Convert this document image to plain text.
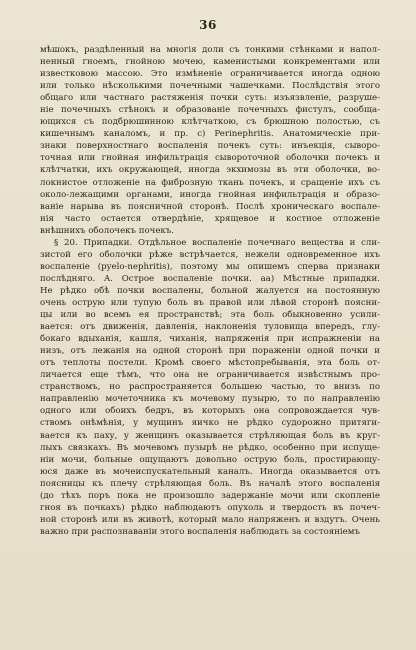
36
мѣшокъ, раздѣленный на многія доли съ тонкими стѣнками и напол-
ненный гноемъ, гнойною мочею, каменистыми конкрементами или
известковою массою. Это измѣненіе ограничивается иногда одною
или только нѣсколькими почечными чашечками. Послѣдствія этого
общаго или частнаго растяженія почки суть: изъязвленіе, разруше-
ніе почечныхъ стѣнокъ и образованіе почечныхъ фистулъ, сообща-
ющихся съ подбрюшинною клѣтчаткою, съ брюшною полостью, съ
кишечнымъ каналомъ, и пр. c) Perinephritis. Анатомическіе при-
знаки поверхностнаго воспаленія почекъ суть: инъекція, сыворо-
точная или гнойная инфильтрація сывороточной оболочки почекъ и
клѣтчатки, ихъ окружающей, иногда экхимозы въ эти оболочки, во-
локнистое отложеніе на фиброзную ткань почекъ, и сращеніе ихъ съ
около-лежащими органами, иногда гнойная инфильтрація и образо-
ваніе нарыва въ поясничной сторонѣ. Послѣ хроническаго воспале-
нія часто остается отвердѣніе, хрящевое и костное отложеніе
внѣшнихъ оболочекъ почекъ.
§ 20. Припадки. Отдѣльное воспаленіе почечнаго вещества и сли-
зистой его оболочки рѣже встрѣчается, нежели одновременное ихъ
воспаленіе (pyelo-nephritis), поэтому мы опишемъ сперва признаки
послѣдняго. A. Острое воспаленіе почки. aa) Мѣстные припадки.
Не рѣдко обѣ почки воспалены, больной жалуется на постоянную
очень острую или тупую боль въ правой или лѣвой сторонѣ поясни-
цы или во всемъ ея пространствѣ; эта боль обыкновенно усили-
вается: отъ движенія, давленія, наклоненія туловища впередъ, глу-
бокаго вдыханія, кашля, чиханія, напряженія при испражненіи на
низъ, отъ лежанія на одной сторонѣ при пораженіи одной почки и
отъ теплоты постели. Кромѣ своего мѣстопребыванія, эта боль от-
личается еще тѣмъ, что она не ограничивается извѣстнымъ про-
странствомъ, но распространяется большею частью, то внизъ по
направленію мочеточника къ мочевому пузырю, то по направленію
одного или обоихъ бедръ, въ которыхъ она сопровождается чув-
ствомъ онѣмѣнія, у мущинъ яичко не рѣдко судорожно притяги-
вается къ паху, у женщинъ оказывается стрѣляющая боль въ круг-
лыхъ связкахъ. Въ мочевомъ пузырѣ не рѣдко, особенно при испуще-
ніи мочи, больные ощущаютъ довольно острую боль, простирающу-
юся даже въ мочеиспускательный каналъ. Иногда оказывается отъ
поясницы къ плечу стрѣляющая боль. Въ началѣ этого воспаленія
(до тѣхъ поръ пока не произошло задержаніе мочи или скопленіе
гноя въ почкахъ) рѣдко наблюдаютъ опухоль и твердость въ почеч-
ной сторонѣ или въ животѣ, который мало напряженъ и вздутъ. Очень
важно при распознаваніи этого воспаленія наблюдать за состояніемъ
